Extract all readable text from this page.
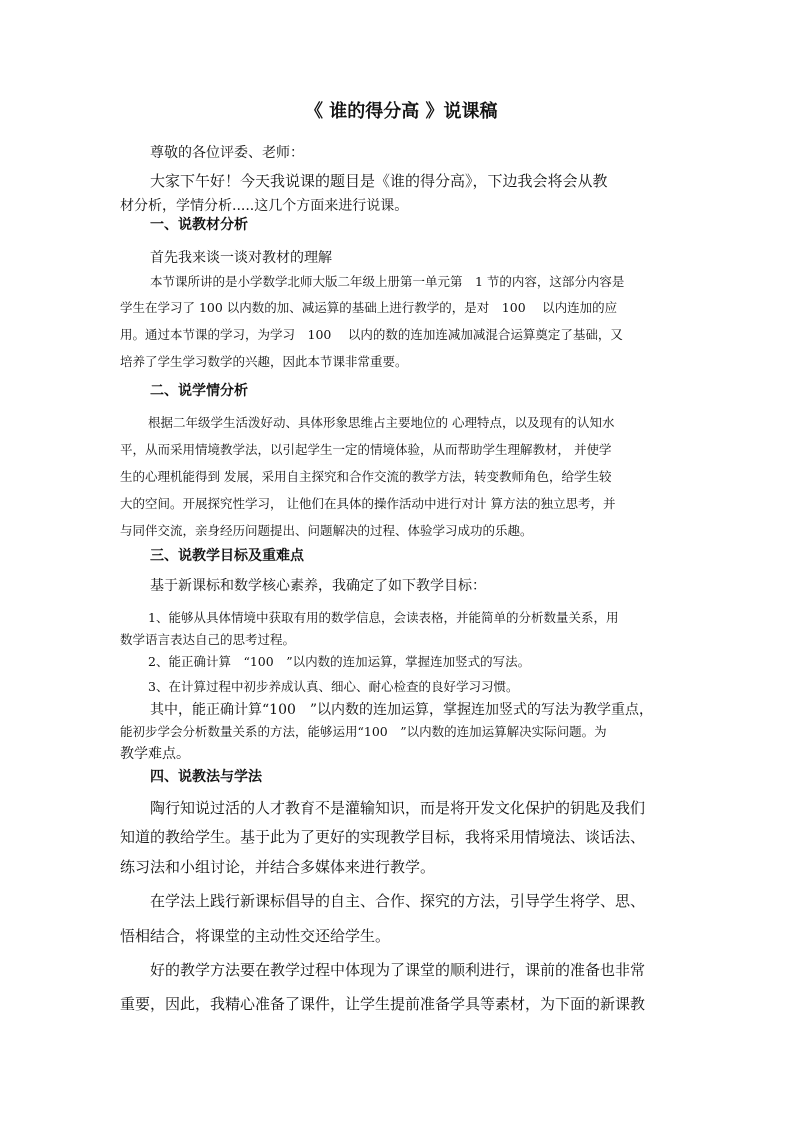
《 谁的得分高 》说课稿
尊敬的各位评委、老师：
大家下午好！今天我说课的题目是《谁的得分高》，下边我会将会从教
材分析，学情分析.....这几个方面来进行说课。
一、说教材分析
首先我来谈一谈对教材的理解
本节课所讲的是小学数学北师大版二年级上册第一单元第　1 节的内容，这部分内容是
学生在学习了 100 以内数的加、减运算的基础上进行教学的，是对　100　 以内连加的应
用。通过本节课的学习，为学习　100　 以内的数的连加连减加减混合运算奠定了基础，又
培养了学生学习数学的兴趣，因此本节课非常重要。
二、说学情分析
根据二年级学生活泼好动、具体形象思维占主要地位的 心理特点，以及现有的认知水
平，从而采用情境教学法，以引起学生一定的情境体验，从而帮助学生理解教材， 并使学
生的心理机能得到 发展，采用自主探究和合作交流的教学方法，转变教师角色，给学生较
大的空间。开展探究性学习， 让他们在具体的操作活动中进行对计 算方法的独立思考，并
与同伴交流，亲身经历问题提出、问题解决的过程、体验学习成功的乐趣。
三、说教学目标及重难点
基于新课标和数学核心素养，我确定了如下教学目标：
1、能够从具体情境中获取有用的数学信息，会读表格，并能简单的分析数量关系，用
数学语言表达自己的思考过程。
2、能正确计算　“100　”以内数的连加运算，掌握连加竖式的写法。
3、在计算过程中初步养成认真、细心、耐心检查的良好学习习惯。
其中，能正确计算“100　”以内数的连加运算，掌握连加竖式的写法为教学重点，
能初步学会分析数量关系的方法，能够运用“100　”以内数的连加运算解决实际问题。为
教学难点。
四、说教法与学法
陶行知说过活的人才教育不是灌输知识，而是将开发文化保护的钥匙及我们
知道的教给学生。基于此为了更好的实现教学目标，我将采用情境法、谈话法、
练习法和小组讨论，并结合多媒体来进行教学。
在学法上践行新课标倡导的自主、合作、探究的方法，引导学生将学、思、
悟相结合，将课堂的主动性交还给学生。
好的教学方法要在教学过程中体现为了课堂的顺利进行，课前的准备也非常
重要，因此，我精心准备了课件，让学生提前准备学具等素材，为下面的新课教
